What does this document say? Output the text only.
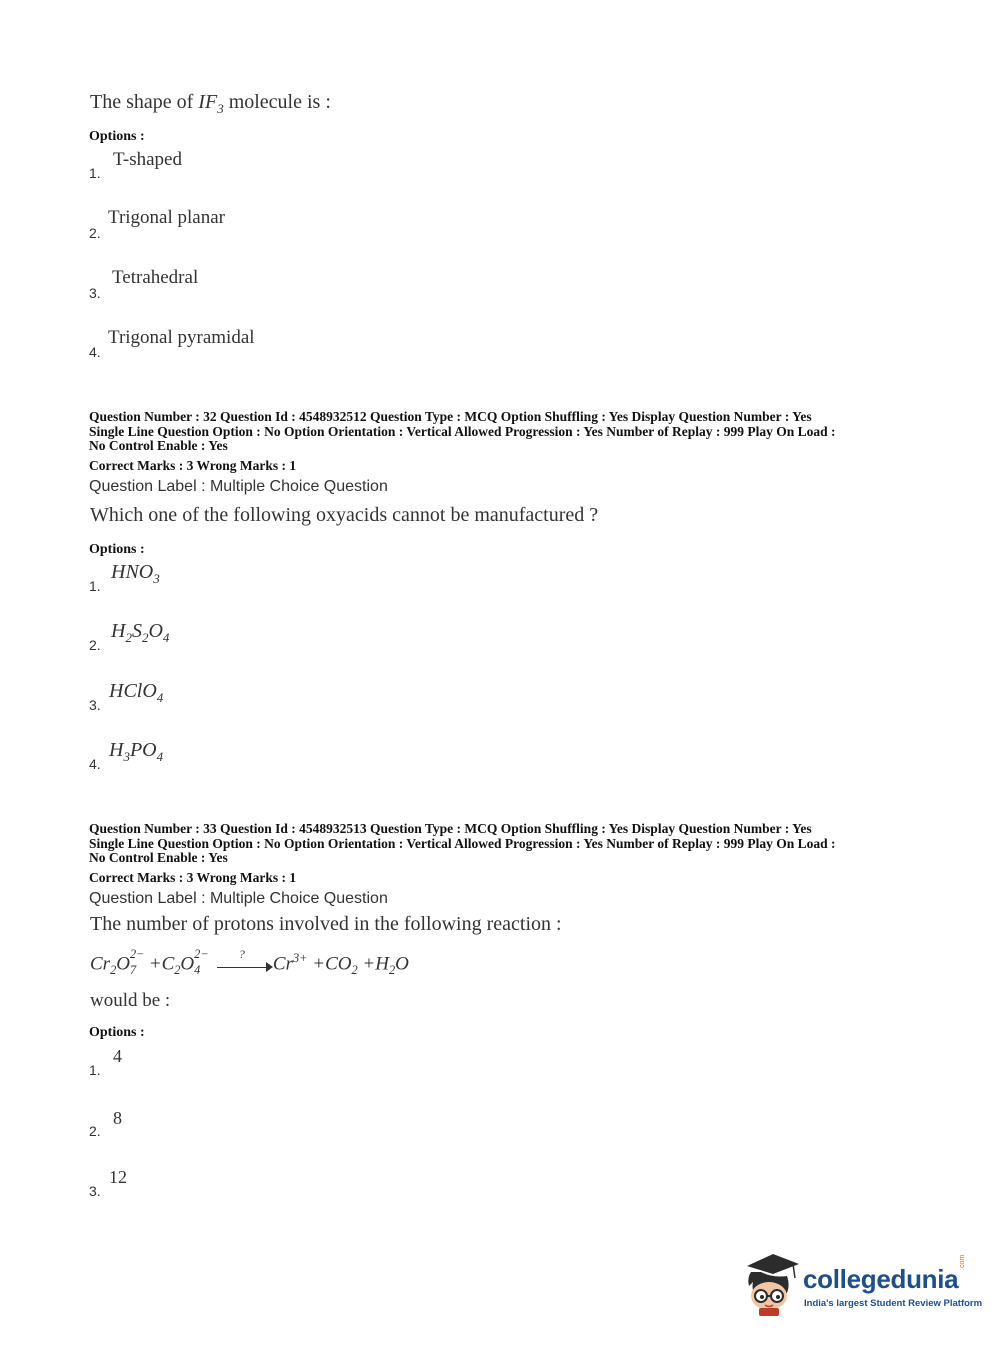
The shape of $IF_3$ molecule is :
Options :
1.
T-shaped
2.
Trigonal planar
3.
Tetrahedral
4.
Trigonal pyramidal
Question Number : 32 Question Id : 4548932512 Question Type : MCQ Option Shuffling : Yes Display Question Number : Yes
Single Line Question Option : No Option Orientation : Vertical Allowed Progression : Yes Number of Replay : 999 Play On Load :
No Control Enable : Yes
Correct Marks : 3 Wrong Marks : 1
Question Label : Multiple Choice Question
Which one of the following oxyacids cannot be manufactured ?
Options :
1.
$HNO_3$
2.
$H_2S_2O_4$
3.
HClO$_4$
4.
$H_3PO_4$
Question Number : 33 Question Id : 4548932513 Question Type : MCQ Option Shuffling : Yes Display Question Number : Yes
Single Line Question Option : No Option Orientation : Vertical Allowed Progression : Yes Number of Replay : 999 Play On Load :
No Control Enable : Yes
Correct Marks : 3 Wrong Marks : 1
Question Label : Multiple Choice Question
The number of protons involved in the following reaction :
$Cr_2O$ 2−
$7 +C_2O$ 2−
4

? $Cr^{3+} +CO_2 +H_2O$
would be :
Options :
1.
4
2.
8
3.
12
collegedunia
.com
India's largest Student Review Platform
